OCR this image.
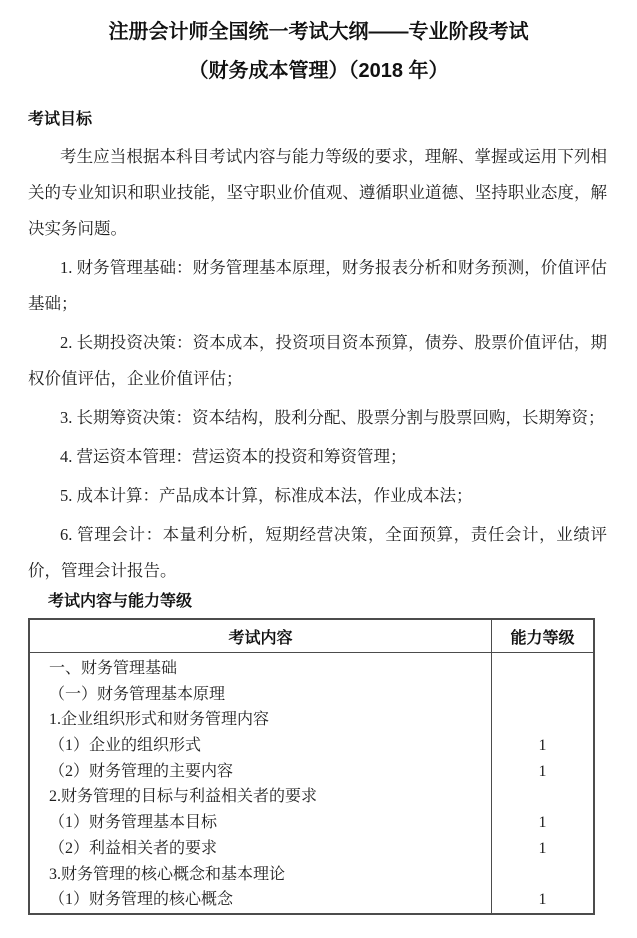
注册会计师全国统一考试大纲——专业阶段考试
（财务成本管理）（2018 年）
考试目标

考生应当根据本科目考试内容与能力等级的要求，理解、掌握或运用下列相关的专业知识和职业技能，坚守职业价值观、遵循职业道德、坚持职业态度，解决实务问题。

1. 财务管理基础：财务管理基本原理，财务报表分析和财务预测，价值评估基础；

2. 长期投资决策：资本成本，投资项目资本预算，债券、股票价值评估，期权价值评估，企业价值评估；

3. 长期筹资决策：资本结构，股利分配、股票分割与股票回购，长期筹资；

4. 营运资本管理：营运资本的投资和筹资管理；

5. 成本计算：产品成本计算，标准成本法，作业成本法；

6. 管理会计：本量利分析，短期经营决策，全面预算，责任会计，业绩评价，管理会计报告。

考试内容与能力等级
考试内容	能力等级
一、财务管理基础
（一）财务管理基本原理
1.企业组织形式和财务管理内容
（1）企业的组织形式
（2）财务管理的主要内容
2.财务管理的目标与利益相关者的要求
（1）财务管理基本目标
（2）利益相关者的要求
3.财务管理的核心概念和基本理论
（1）财务管理的核心概念
1
1
1
1
1
